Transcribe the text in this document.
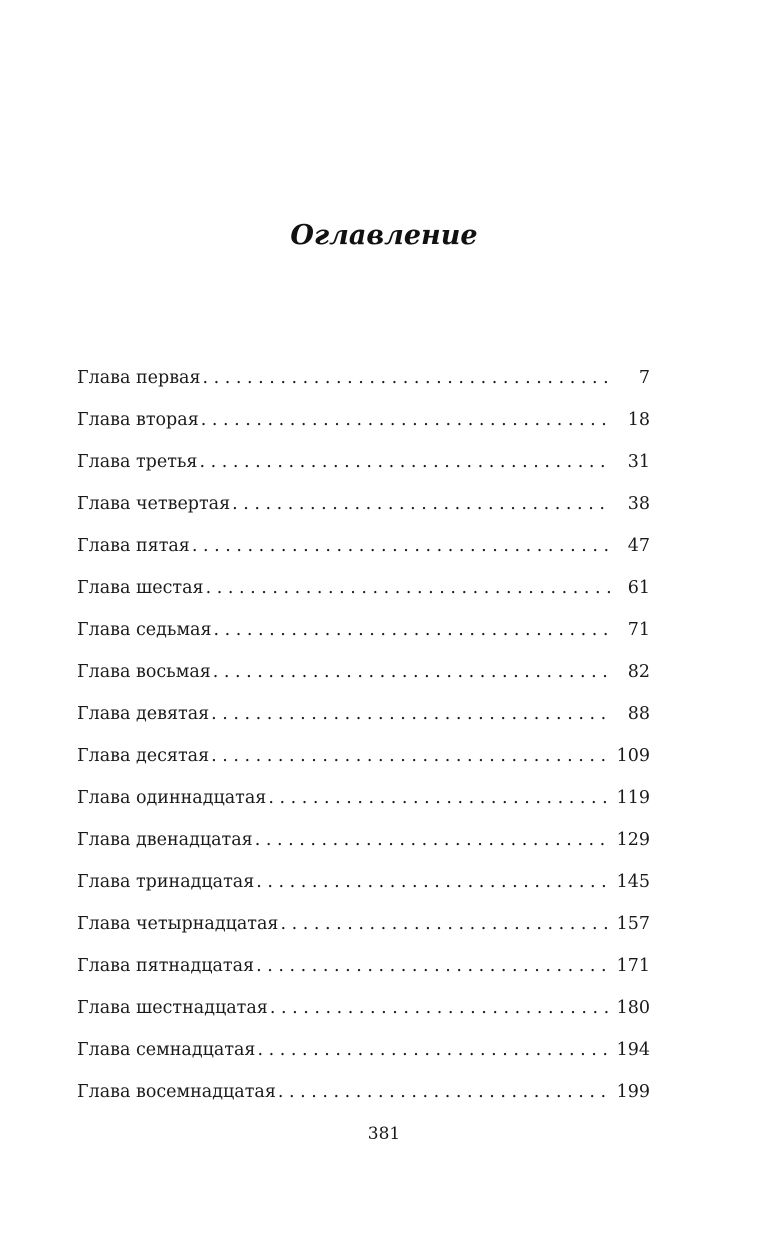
Оглавление
Глава первая . . .	7
Глава вторая . . .	18
Глава третья . . .	31
Глава четвертая . . .	38
Глава пятая . . .	47
Глава шестая . . .	61
Глава седьмая . . .	71
Глава восьмая . . .	82
Глава девятая . . .	88
Глава десятая . . .	109
Глава одиннадцатая . . .	119
Глава двенадцатая . . .	129
Глава тринадцатая . . .	145
Глава четырнадцатая . . .	157
Глава пятнадцатая . . .	171
Глава шестнадцатая . . .	180
Глава семнадцатая . . .	194
Глава восемнадцатая . . .	199
381
